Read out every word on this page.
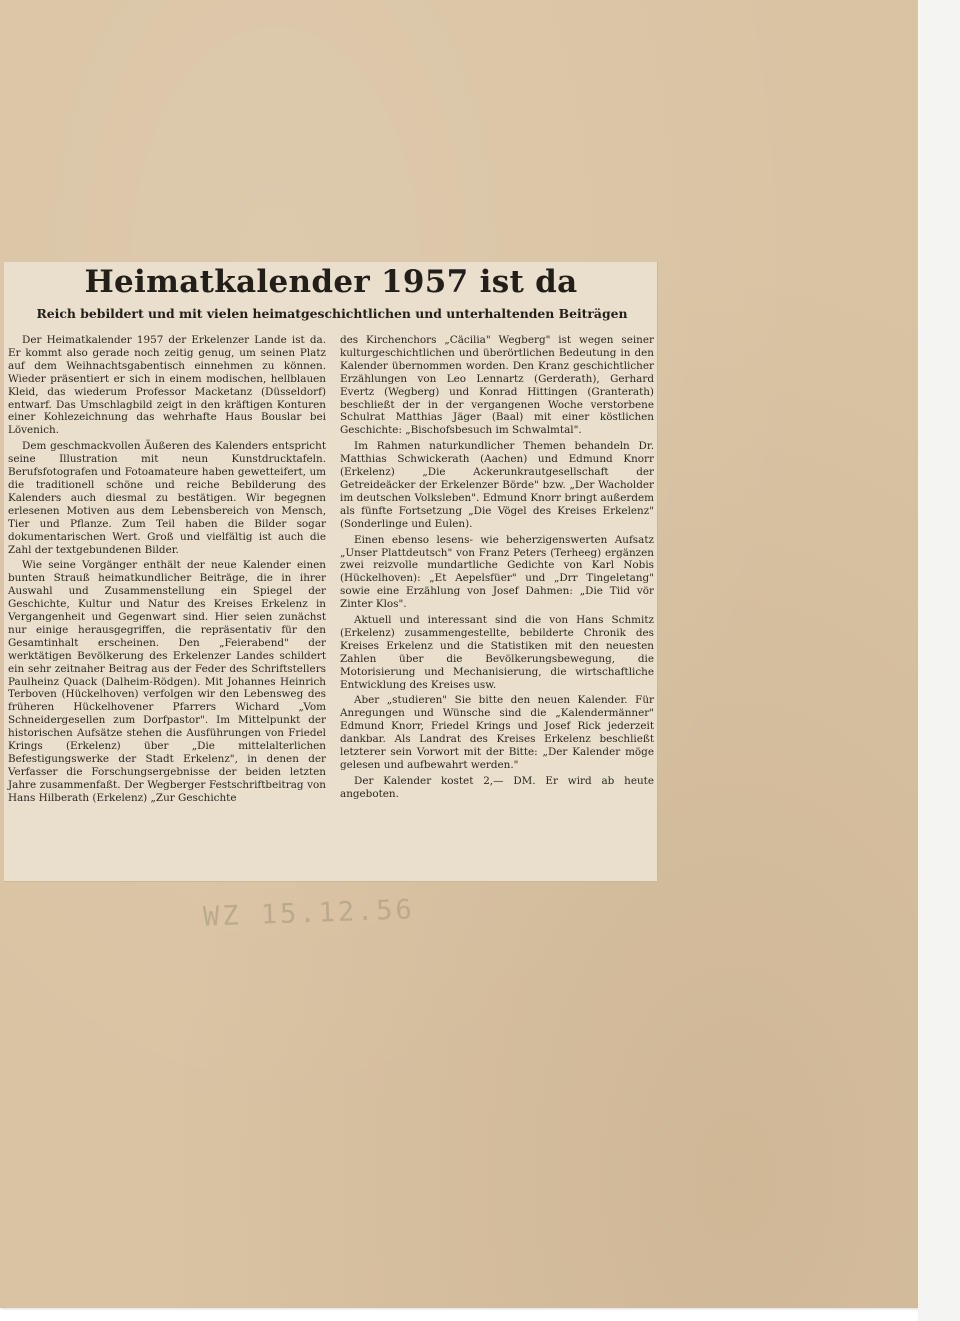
Heimatkalender 1957 ist da
Reich bebildert und mit vielen heimatgeschichtlichen und unterhaltenden Beiträgen

Der Heimatkalender 1957 der Erkelenzer Lande ist da. Er kommt also gerade noch zeitig genug, um seinen Platz auf dem Weihnachtsgabentisch einnehmen zu können. Wieder präsentiert er sich in einem modischen, hellblauen Kleid, das wiederum Professor Macketanz (Düsseldorf) entwarf. Das Umschlagbild zeigt in den kräftigen Konturen einer Kohlezeichnung das wehrhafte Haus Bouslar bei Lövenich.

Dem geschmackvollen Äußeren des Kalenders entspricht seine Illustration mit neun Kunstdrucktafeln. Berufsfotografen und Fotoamateure haben gewetteifert, um die traditionell schöne und reiche Bebilderung des Kalenders auch diesmal zu bestätigen. Wir begegnen erlesenen Motiven aus dem Lebensbereich von Mensch, Tier und Pflanze. Zum Teil haben die Bilder sogar dokumentarischen Wert. Groß und vielfältig ist auch die Zahl der textgebundenen Bilder.

Wie seine Vorgänger enthält der neue Kalender einen bunten Strauß heimatkundlicher Beiträge, die in ihrer Auswahl und Zusammenstellung ein Spiegel der Geschichte, Kultur und Natur des Kreises Erkelenz in Vergangenheit und Gegenwart sind. Hier seien zunächst nur einige herausgegriffen, die repräsentativ für den Gesamtinhalt erscheinen. Den „Feierabend" der werktätigen Bevölkerung des Erkelenzer Landes schildert ein sehr zeitnaher Beitrag aus der Feder des Schriftstellers Paulheinz Quack (Dalheim-Rödgen). Mit Johannes Heinrich Terboven (Hückelhoven) verfolgen wir den Lebensweg des früheren Hückelhovener Pfarrers Wichard „Vom Schneidergesellen zum Dorfpastor". Im Mittelpunkt der historischen Aufsätze stehen die Ausführungen von Friedel Krings (Erkelenz) über „Die mittelalterlichen Befestigungswerke der Stadt Erkelenz", in denen der Verfasser die Forschungsergebnisse der beiden letzten Jahre zusammenfaßt. Der Wegberger Festschriftbeitrag von Hans Hilberath (Erkelenz) „Zur Geschichte

des Kirchenchors „Cäcilia" Wegberg" ist wegen seiner kulturgeschichtlichen und überörtlichen Bedeutung in den Kalender übernommen worden. Den Kranz geschichtlicher Erzählungen von Leo Lennartz (Gerderath), Gerhard Evertz (Wegberg) und Konrad Hittingen (Granterath) beschließt der in der vergangenen Woche verstorbene Schulrat Matthias Jäger (Baal) mit einer köstlichen Geschichte: „Bischofsbesuch im Schwalmtal".

Im Rahmen naturkundlicher Themen behandeln Dr. Matthias Schwickerath (Aachen) und Edmund Knorr (Erkelenz) „Die Ackerunkrautgesellschaft der Getreideäcker der Erkelenzer Börde" bzw. „Der Wacholder im deutschen Volksleben". Edmund Knorr bringt außerdem als fünfte Fortsetzung „Die Vögel des Kreises Erkelenz" (Sonderlinge und Eulen).

Einen ebenso lesens- wie beherzigenswerten Aufsatz „Unser Plattdeutsch" von Franz Peters (Terheeg) ergänzen zwei reizvolle mundartliche Gedichte von Karl Nobis (Hückelhoven): „Et Aepelsfüer" und „Drr Tingeletang" sowie eine Erzählung von Josef Dahmen: „Die Tiid vör Zinter Klos".

Aktuell und interessant sind die von Hans Schmitz (Erkelenz) zusammengestellte, bebilderte Chronik des Kreises Erkelenz und die Statistiken mit den neuesten Zahlen über die Bevölkerungsbewegung, die Motorisierung und Mechanisierung, die wirtschaftliche Entwicklung des Kreises usw.

Aber „studieren" Sie bitte den neuen Kalender. Für Anregungen und Wünsche sind die „Kalendermänner" Edmund Knorr, Friedel Krings und Josef Rick jederzeit dankbar. Als Landrat des Kreises Erkelenz beschließt letzterer sein Vorwort mit der Bitte: „Der Kalender möge gelesen und aufbewahrt werden."

Der Kalender kostet 2,— DM. Er wird ab heute angeboten.

WZ 15.12.56
